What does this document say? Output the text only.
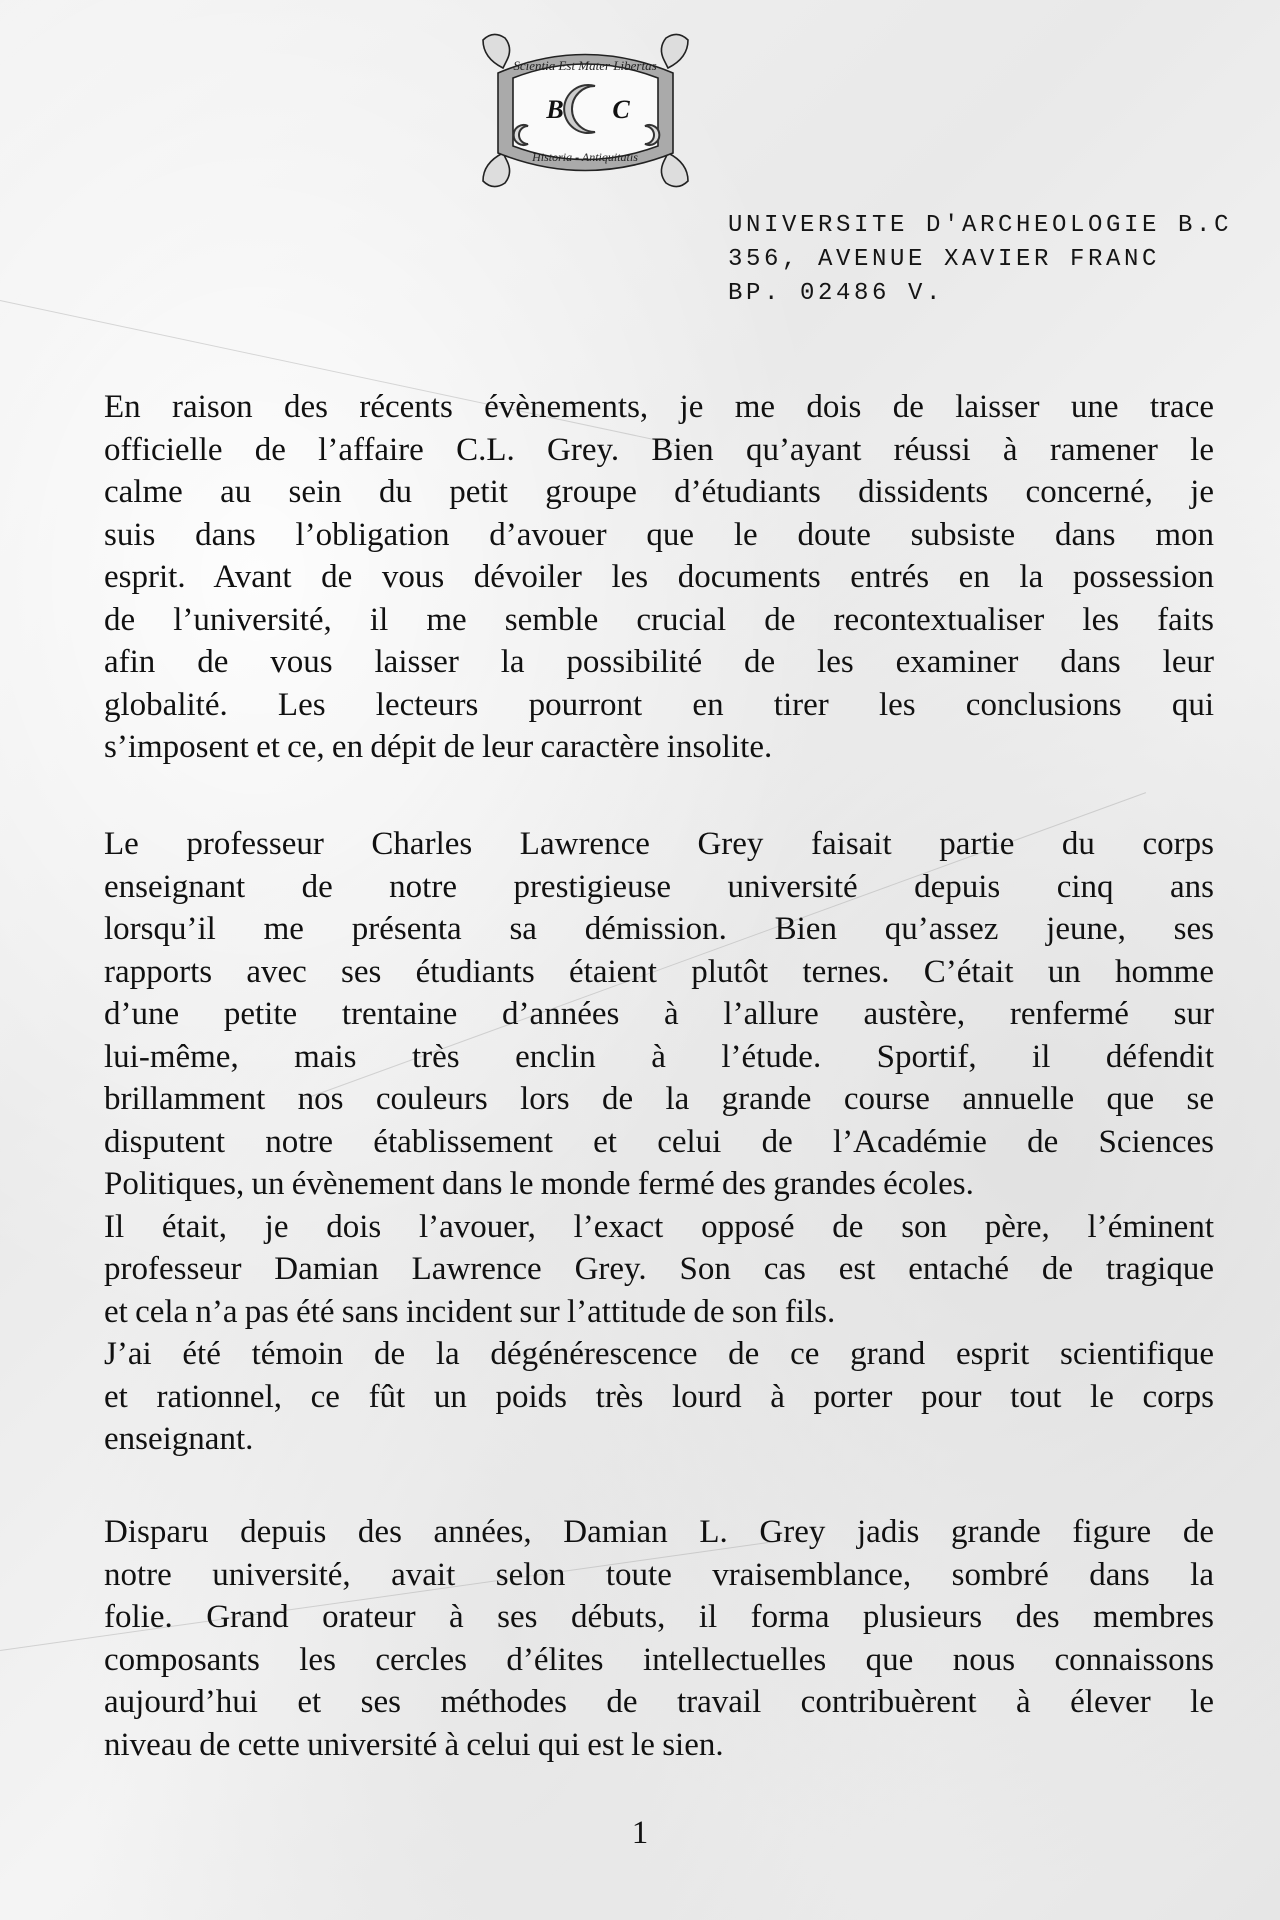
Scientia Est Mater Libertas
B C
Historia - Antiquitatis
UNIVERSITE D'ARCHEOLOGIE B.C
356, AVENUE XAVIER FRANC
BP. 02486 V.
En raison des récents évènements, je me dois de laisser une trace
officielle de l’affaire C.L. Grey. Bien qu’ayant réussi à ramener le
calme au sein du petit groupe d’étudiants dissidents concerné, je
suis dans l’obligation d’avouer que le doute subsiste dans mon
esprit. Avant de vous dévoiler les documents entrés en la possession
de l’université, il me semble crucial de recontextualiser les faits
afin de vous laisser la possibilité de les examiner dans leur
globalité. Les lecteurs pourront en tirer les conclusions qui
s’imposent et ce, en dépit de leur caractère insolite.
Le professeur Charles Lawrence Grey faisait partie du corps
enseignant de notre prestigieuse université depuis cinq ans
lorsqu’il me présenta sa démission. Bien qu’assez jeune, ses
rapports avec ses étudiants étaient plutôt ternes. C’était un homme
d’une petite trentaine d’années à l’allure austère, renfermé sur
lui-même, mais très enclin à l’étude. Sportif, il défendit
brillamment nos couleurs lors de la grande course annuelle que se
disputent notre établissement et celui de l’Académie de Sciences
Politiques, un évènement dans le monde fermé des grandes écoles.
Il était, je dois l’avouer, l’exact opposé de son père, l’éminent
professeur Damian Lawrence Grey. Son cas est entaché de tragique
et cela n’a pas été sans incident sur l’attitude de son fils.
J’ai été témoin de la dégénérescence de ce grand esprit scientifique
et rationnel, ce fût un poids très lourd à porter pour tout le corps
enseignant.
Disparu depuis des années, Damian L. Grey jadis grande figure de
notre université, avait selon toute vraisemblance, sombré dans la
folie. Grand orateur à ses débuts, il forma plusieurs des membres
composants les cercles d’élites intellectuelles que nous connaissons
aujourd’hui et ses méthodes de travail contribuèrent à élever le
niveau de cette université à celui qui est le sien.
1
